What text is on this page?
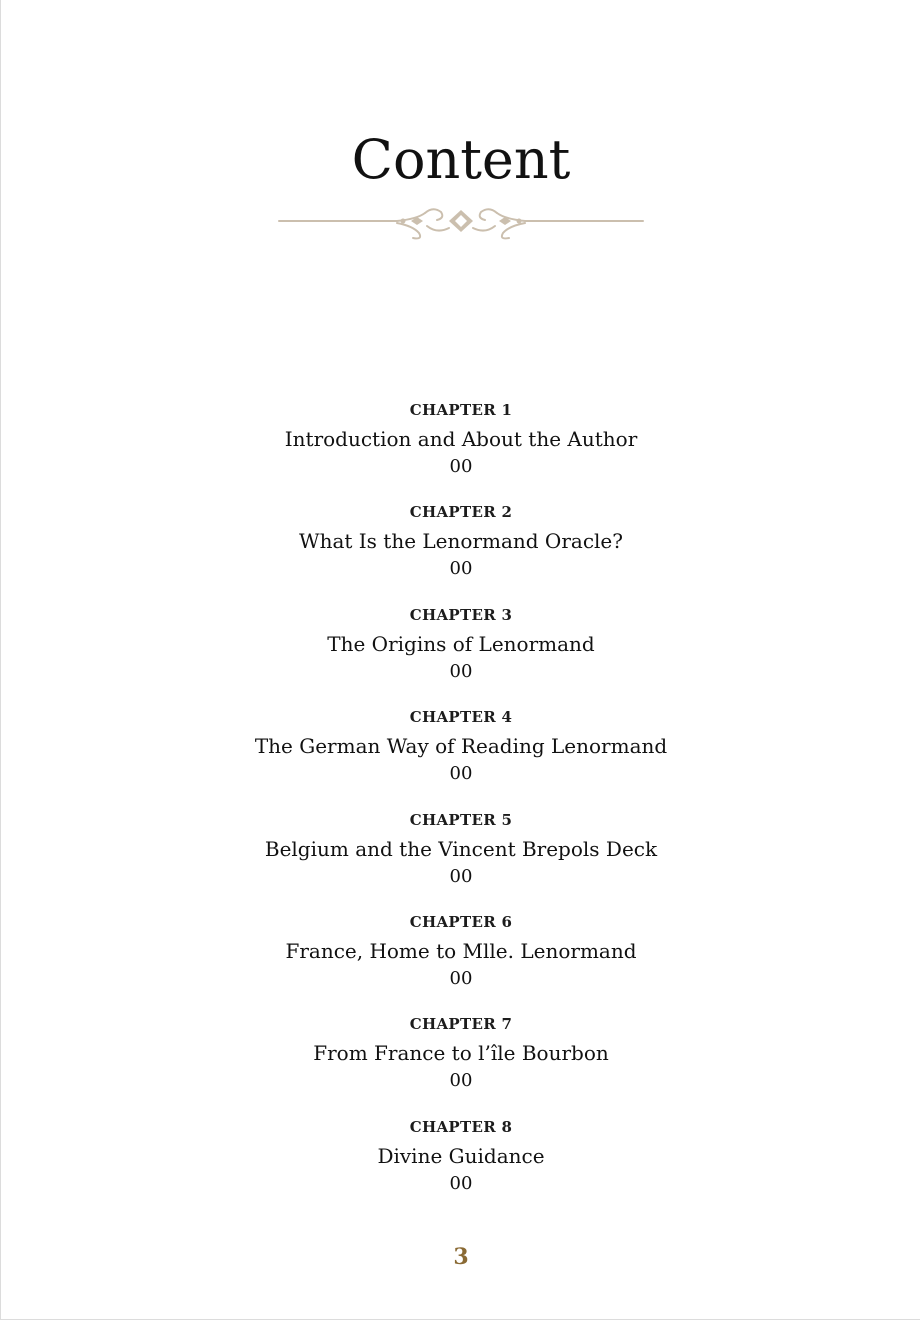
Content
CHAPTER 1
Introduction and About the Author
00
CHAPTER 2
What Is the Lenormand Oracle?
00
CHAPTER 3
The Origins of Lenormand
00
CHAPTER 4
The German Way of Reading Lenormand
00
CHAPTER 5
Belgium and the Vincent Brepols Deck
00
CHAPTER 6
France, Home to Mlle. Lenormand
00
CHAPTER 7
From France to l’île Bourbon
00
CHAPTER 8
Divine Guidance
00
3
